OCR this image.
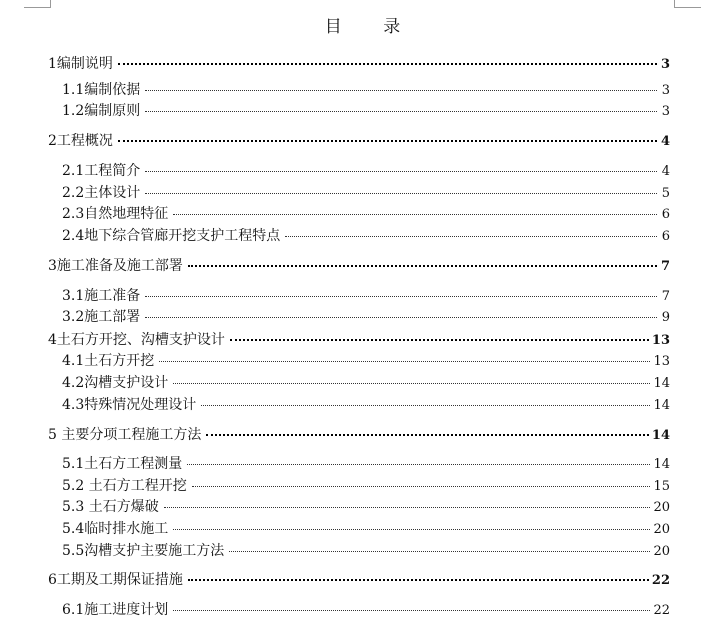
目 录
1编制说明	3
1.1编制依据	3
1.2编制原则	3
2工程概况	4
2.1工程简介	4
2.2主体设计	5
2.3自然地理特征	6
2.4地下综合管廊开挖支护工程特点	6
3施工准备及施工部署	7
3.1施工准备	7
3.2施工部署	9
4土石方开挖、沟槽支护设计	13
4.1土石方开挖	13
4.2沟槽支护设计	14
4.3特殊情况处理设计	14
5 主要分项工程施工方法	14
5.1土石方工程测量	14
5.2 土石方工程开挖	15
5.3 土石方爆破	20
5.4临时排水施工	20
5.5沟槽支护主要施工方法	20
6工期及工期保证措施	22
6.1施工进度计划	22
